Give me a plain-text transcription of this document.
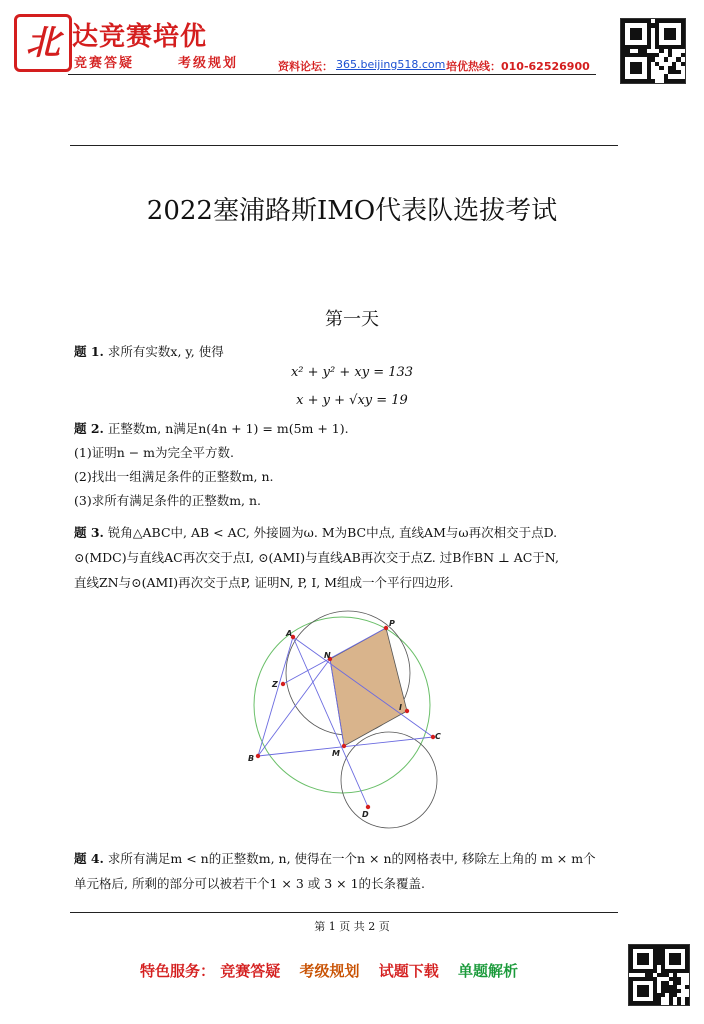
北 达竞赛培优
竞赛答疑	考级规划	资料论坛： 365.beijing518.com 培优热线：010-62526900
2022塞浦路斯IMO代表队选拔考试
第一天
题 1. 求所有实数x, y, 使得
x² + y² + xy = 133
x + y + √xy = 19
题 2. 正整数m, n满足n(4n + 1) = m(5m + 1).
(1)证明n − m为完全平方数.
(2)找出一组满足条件的正整数m, n.
(3)求所有满足条件的正整数m, n.
题 3. 锐角△ABC中, AB < AC, 外接圆为ω. M为BC中点, 直线AM与ω再次相交于点D.
⊙(MDC)与直线AC再次交于点I, ⊙(AMI)与直线AB再次交于点Z. 过B作BN ⊥ AC于N,
直线ZN与⊙(AMI)再次交于点P, 证明N, P, I, M组成一个平行四边形.
A
P
N
Z
I
C
B
M
D
题 4. 求所有满足m < n的正整数m, n, 使得在一个n × n的网格表中, 移除左上角的 m × m个
单元格后, 所剩的部分可以被若干个1 × 3 或 3 × 1的长条覆盖.
第 1 页 共 2 页
特色服务： 竞赛答疑 考级规划 试题下载 单题解析
